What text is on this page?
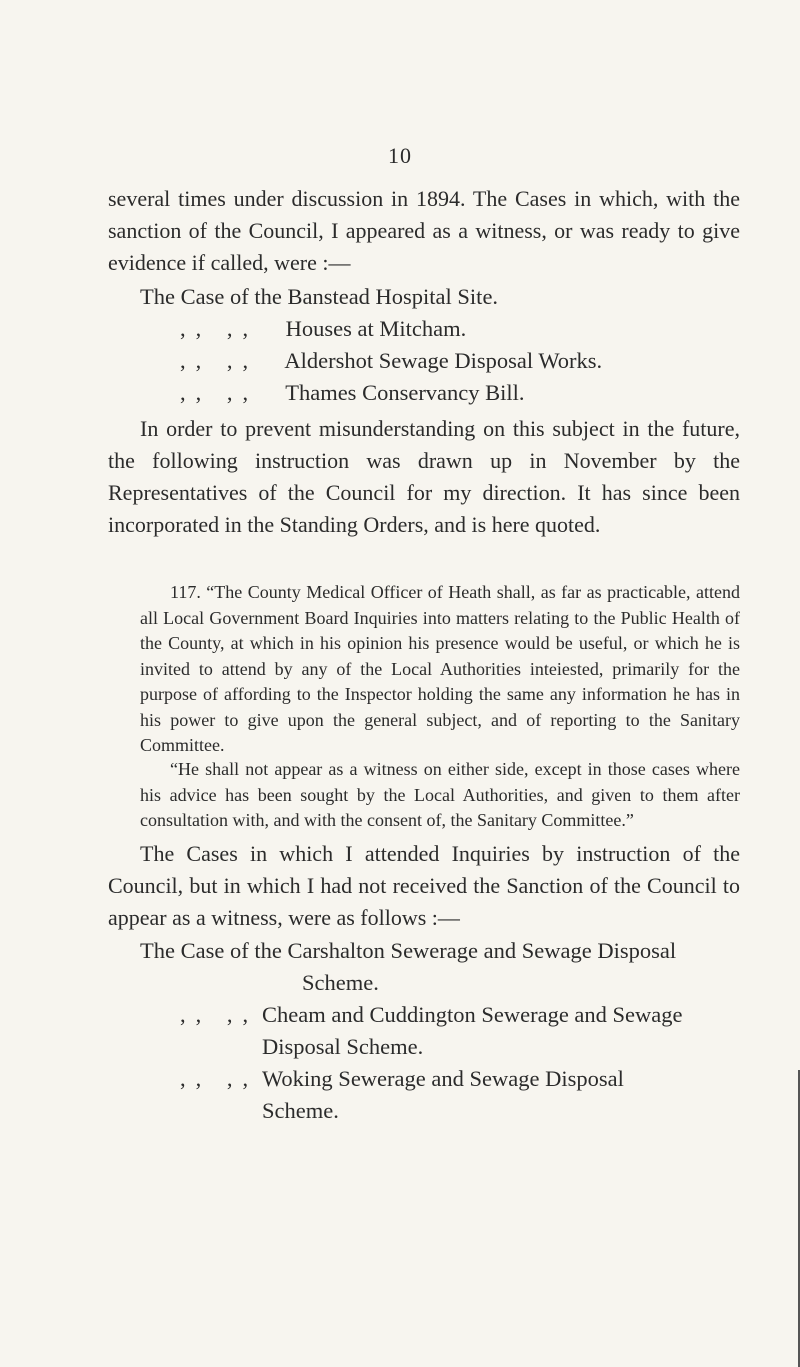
10

several times under discussion in 1894. The Cases in which, with the sanction of the Council, I appeared as a witness, or was ready to give evidence if called, were :—

The Case of the Banstead Hospital Site.
,, ,, Houses at Mitcham.
,, ,, Aldershot Sewage Disposal Works.
,, ,, Thames Conservancy Bill.

In order to prevent misunderstanding on this subject in the future, the following instruction was drawn up in November by the Representatives of the Council for my direction. It has since been incorporated in the Standing Orders, and is here quoted.

117. “The County Medical Officer of Heath shall, as far as practicable, attend all Local Government Board Inquiries into matters relating to the Public Health of the County, at which in his opinion his presence would be useful, or which he is invited to attend by any of the Local Authorities inteiested, primarily for the purpose of affording to the Inspector holding the same any information he has in his power to give upon the general subject, and of reporting to the Sanitary Committee.

“He shall not appear as a witness on either side, except in those cases where his advice has been sought by the Local Authorities, and given to them after consultation with, and with the consent of, the Sanitary Committee.”

The Cases in which I attended Inquiries by instruction of the Council, but in which I had not received the Sanction of the Council to appear as a witness, were as follows :—

The Case of the Carshalton Sewerage and Sewage Disposal
Scheme.
,, ,, Cheam and Cuddington Sewerage and Sewage
Disposal Scheme.
,, ,, Woking Sewerage and Sewage Disposal
Scheme.
